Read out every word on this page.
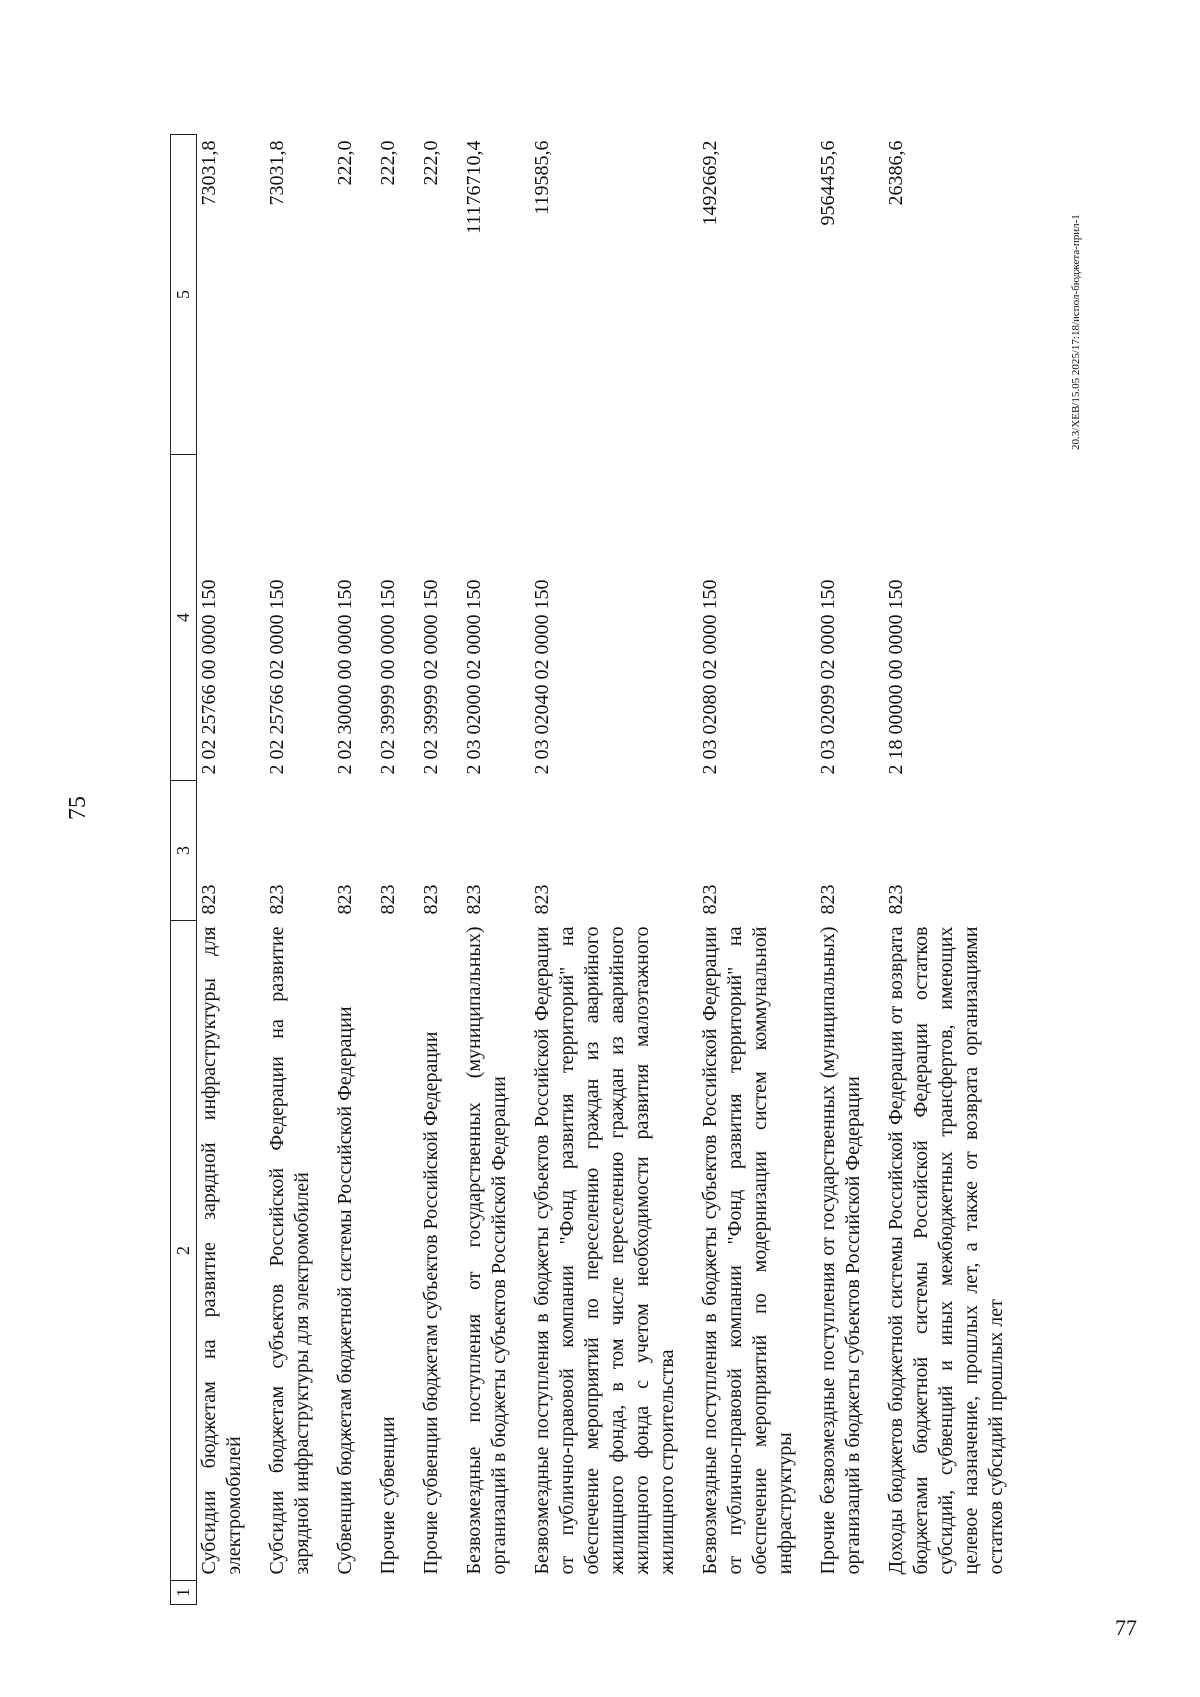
77
75
1	2	3	4	5
	Субсидии бюджетам на развитие зарядной инфраструктуры для электромобилей	823	2 02 25766 00 0000 150	73031,8
	Субсидии бюджетам субъектов Российской Федерации на развитие зарядной инфраструктуры для электромобилей	823	2 02 25766 02 0000 150	73031,8
	Субвенции бюджетам бюджетной системы Российской Федерации	823	2 02 30000 00 0000 150	222,0
	Прочие субвенции	823	2 02 39999 00 0000 150	222,0
	Прочие субвенции бюджетам субъектов Российской Федерации	823	2 02 39999 02 0000 150	222,0
	Безвозмездные поступления от государственных (муниципальных) организаций в бюджеты субъектов Российской Федерации	823	2 03 02000 02 0000 150	11176710,4
	Безвозмездные поступления в бюджеты субъектов Российской Федерации от публично-правовой компании "Фонд развития территорий" на обеспечение мероприятий по переселению граждан из аварийного жилищного фонда, в том числе переселению граждан из аварийного жилищного фонда с учетом необходимости развития малоэтажного жилищного строительства	823	2 03 02040 02 0000 150	119585,6
	Безвозмездные поступления в бюджеты субъектов Российской Федерации от публично-правовой компании "Фонд развития территорий" на обеспечение мероприятий по модернизации систем коммунальной инфраструктуры	823	2 03 02080 02 0000 150	1492669,2
	Прочие безвозмездные поступления от государственных (муниципальных) организаций в бюджеты субъектов Российской Федерации	823	2 03 02099 02 0000 150	9564455,6
	Доходы бюджетов бюджетной системы Российской Федерации от возврата бюджетами бюджетной системы Российской Федерации остатков субсидий, субвенций и иных межбюджетных трансфертов, имеющих целевое назначение, прошлых лет, а также от возврата организациями остатков субсидий прошлых лет	823	2 18 00000 00 0000 150	26386,6
20.3/XEB/15.05 2025/17:18/испол-бюджета-прил-1
